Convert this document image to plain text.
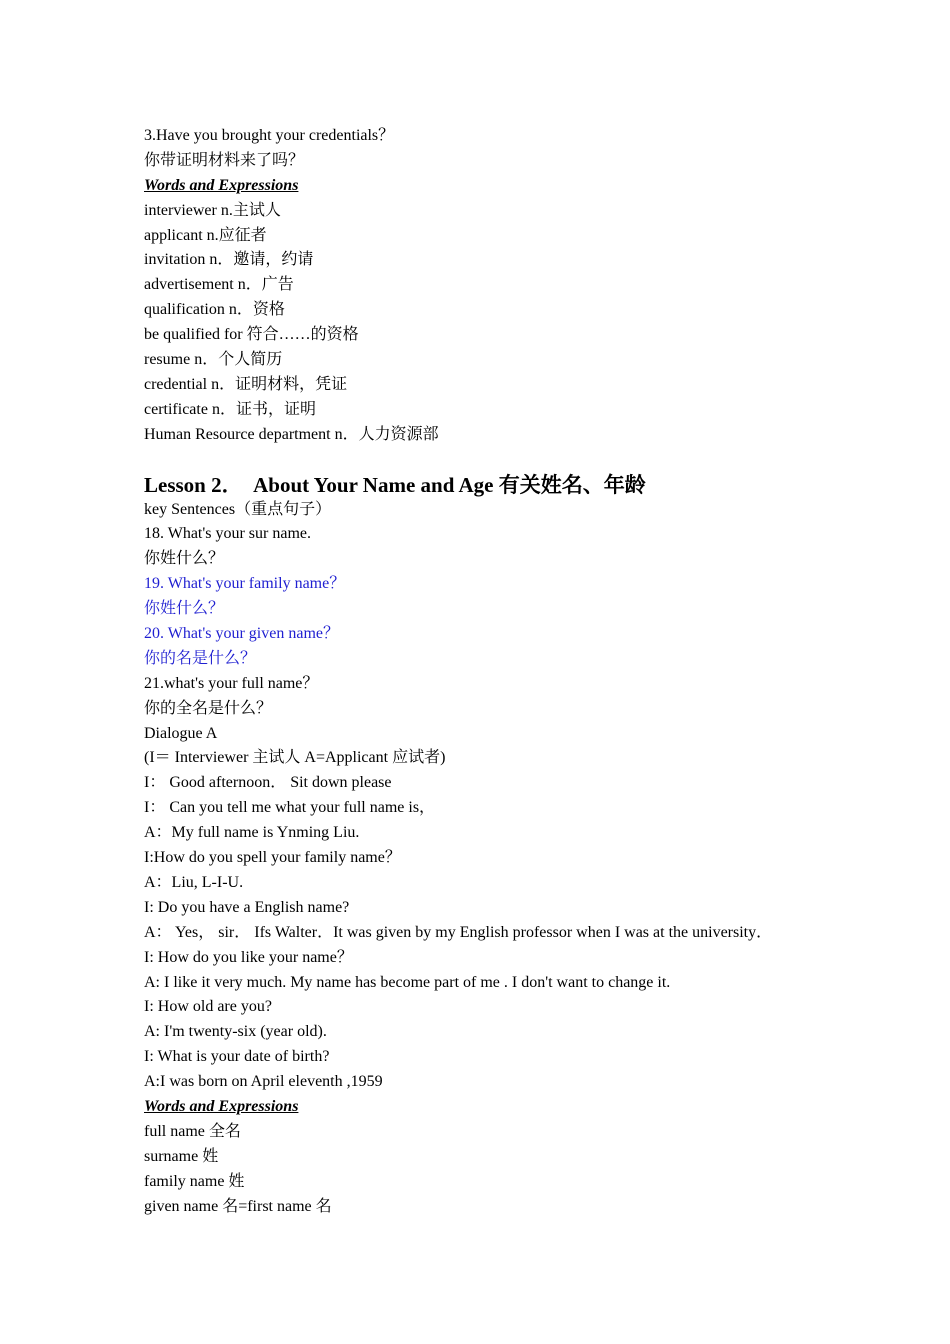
3.Have you brought your credentials？
你带证明材料来了吗？
Words and Expressions
interviewer n.主试人
applicant n.应征者
invitation n．邀请，约请
advertisement n．广告
qualification n．资格
be qualified for 符合……的资格
resume n．个人简历
credential n．证明材料，凭证
certificate n．证书，证明
Human Resource department n．人力资源部
Lesson 2．　About Your Name and Age 有关姓名、年龄
key Sentences（重点句子）
18. What's your sur name.
你姓什么？
19. What's your family name？
你姓什么？
20. What's your given name？
你的名是什么？
21.what's your full name？
你的全名是什么？
Dialogue A
(I＝ Interviewer 主试人 A=Applicant 应试者)
I： Good afternoon． Sit down please
I： Can you tell me what your full name is，
A：My full name is Ynming Liu.
I:How do you spell your family name？
A：Liu, L-I-U.
I: Do you have a English name?
A： Yes， sir． Ifs Walter．It was given by my English professor when I was at the university．
I: How do you like your name？
A: I like it very much. My name has become part of me . I don't want to change it.
I: How old are you?
A: I'm twenty-six (year old).
I: What is your date of birth?
A:I was born on April eleventh ,1959
Words and Expressions
full name 全名
surname 姓
family name 姓
given name 名=first name 名
